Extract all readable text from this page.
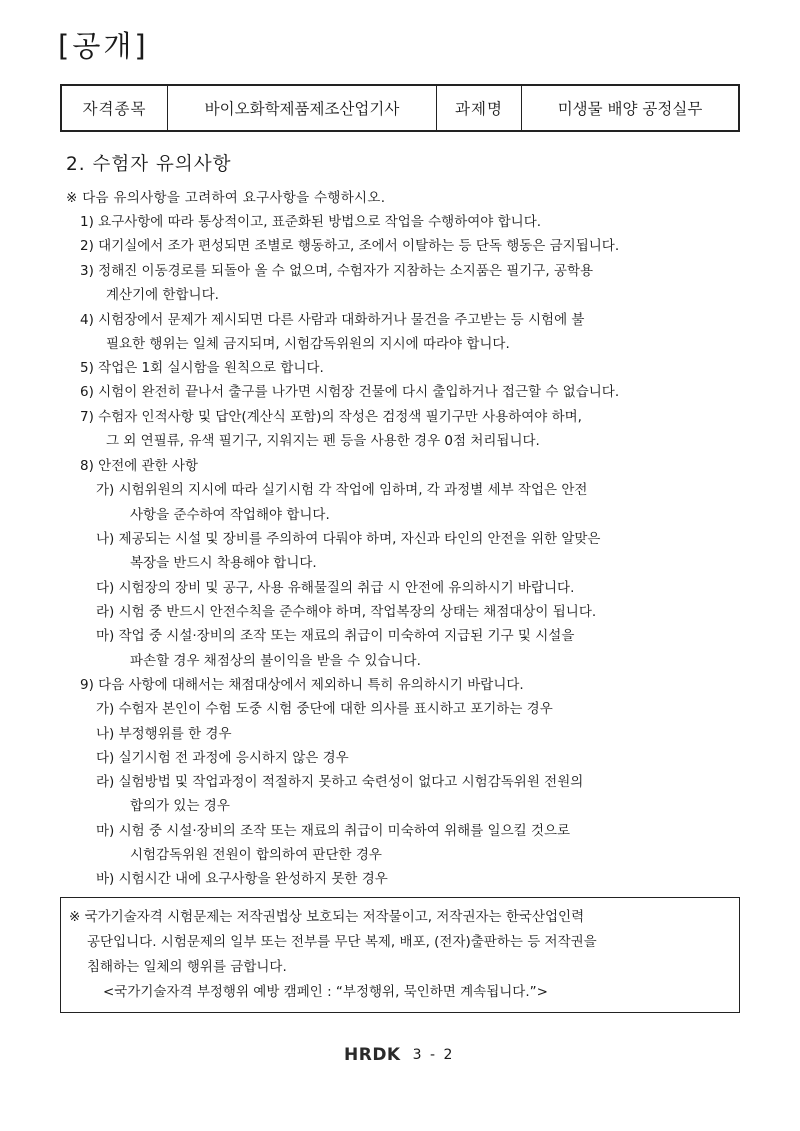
[공개]
자격종목	바이오화학제품제조산업기사	과제명	미생물 배양 공정실무
2. 수험자 유의사항
※ 다음 유의사항을 고려하여 요구사항을 수행하시오.
1) 요구사항에 따라 통상적이고, 표준화된 방법으로 작업을 수행하여야 합니다.
2) 대기실에서 조가 편성되면 조별로 행동하고, 조에서 이탈하는 등 단독 행동은 금지됩니다.
3) 정해진 이동경로를 되돌아 올 수 없으며, 수험자가 지참하는 소지품은 필기구, 공학용
계산기에 한합니다.
4) 시험장에서 문제가 제시되면 다른 사람과 대화하거나 물건을 주고받는 등 시험에 불
필요한 행위는 일체 금지되며, 시험감독위원의 지시에 따라야 합니다.
5) 작업은 1회 실시함을 원칙으로 합니다.
6) 시험이 완전히 끝나서 출구를 나가면 시험장 건물에 다시 출입하거나 접근할 수 없습니다.
7) 수험자 인적사항 및 답안(계산식 포함)의 작성은 검정색 필기구만 사용하여야 하며,
그 외 연필류, 유색 필기구, 지워지는 펜 등을 사용한 경우 0점 처리됩니다.
8) 안전에 관한 사항
가) 시험위원의 지시에 따라 실기시험 각 작업에 임하며, 각 과정별 세부 작업은 안전
사항을 준수하여 작업해야 합니다.
나) 제공되는 시설 및 장비를 주의하여 다뤄야 하며, 자신과 타인의 안전을 위한 알맞은
복장을 반드시 착용해야 합니다.
다) 시험장의 장비 및 공구, 사용 유해물질의 취급 시 안전에 유의하시기 바랍니다.
라) 시험 중 반드시 안전수칙을 준수해야 하며, 작업복장의 상태는 채점대상이 됩니다.
마) 작업 중 시설·장비의 조작 또는 재료의 취급이 미숙하여 지급된 기구 및 시설을
파손할 경우 채점상의 불이익을 받을 수 있습니다.
9) 다음 사항에 대해서는 채점대상에서 제외하니 특히 유의하시기 바랍니다.
가) 수험자 본인이 수험 도중 시험 중단에 대한 의사를 표시하고 포기하는 경우
나) 부정행위를 한 경우
다) 실기시험 전 과정에 응시하지 않은 경우
라) 실험방법 및 작업과정이 적절하지 못하고 숙련성이 없다고 시험감독위원 전원의
합의가 있는 경우
마) 시험 중 시설·장비의 조작 또는 재료의 취급이 미숙하여 위해를 일으킬 것으로
시험감독위원 전원이 합의하여 판단한 경우
바) 시험시간 내에 요구사항을 완성하지 못한 경우
※ 국가기술자격 시험문제는 저작권법상 보호되는 저작물이고, 저작권자는 한국산업인력
공단입니다. 시험문제의 일부 또는 전부를 무단 복제, 배포, (전자)출판하는 등 저작권을
침해하는 일체의 행위를 금합니다.
<국가기술자격 부정행위 예방 캠페인 : “부정행위, 묵인하면 계속됩니다.”>
HRDK 3 - 2
